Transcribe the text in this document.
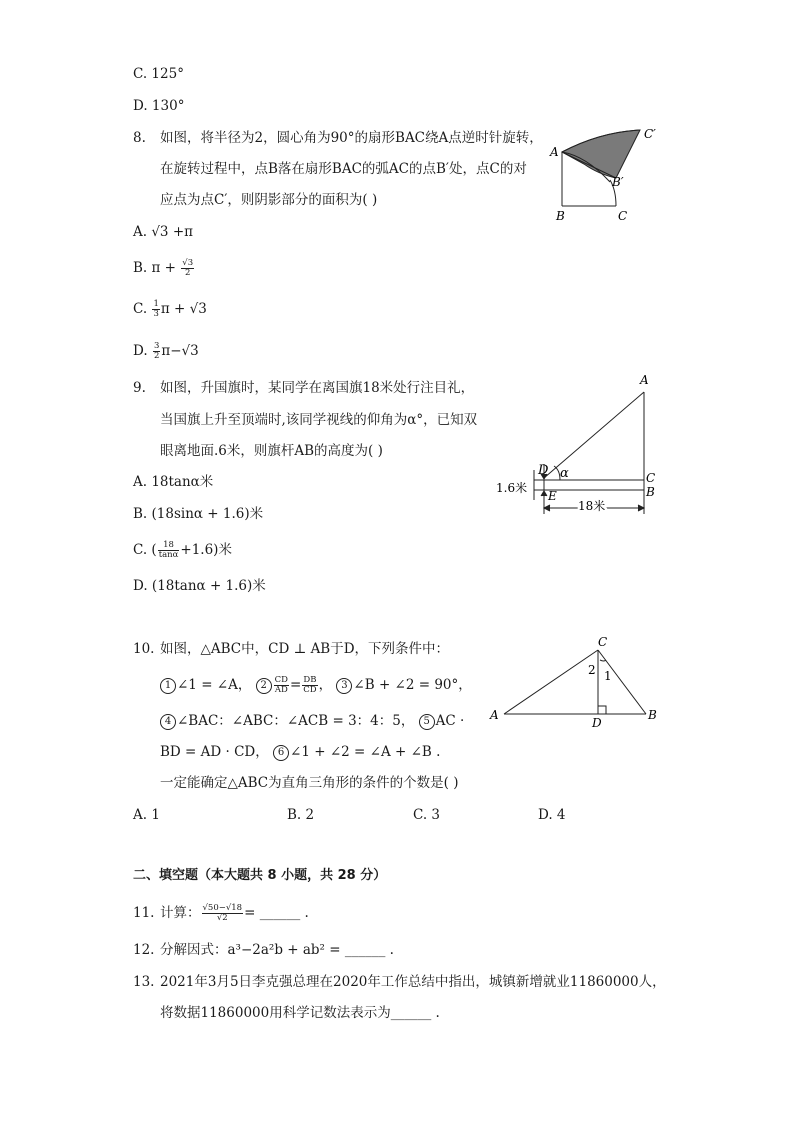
C. 125°
D. 130°
8. 如图，将半径为2，圆心角为90°的扇形BAC绕A点逆时针旋转，
在旋转过程中，点B落在扇形BAC的弧AC的点B′处，点C的对
应点为点C′，则阴影部分的面积为( )
A. √3 +π
B. $\pi + \frac{√3}{2}$
C. $\frac{1}{3}$ π + √3
D. $\frac{3}{2} \pi-√3$
A
B	C
B′
C′
9. 如图，升国旗时，某同学在离国旗18米处行注目礼，
当国旗上升至顶端时,该同学视线的仰角为α°，已知双
眼离地面.6米，则旗杆AB的高度为( )
A. 18tanα米
B. (18sinα + 1.6)米
C. ( $\frac{18}{\tan\alpha} +1.6$)米
D. (18tanα + 1.6)米
A
C
B
D α
E
1.6米
18米
10. 如图，△ABC中，CD ⊥ AB于D，下列条件中：
1 ∠1 = ∠A， $2 \frac{CD}{AD} = \frac{DB}{CD}$ ， 3 ∠B + ∠2 = 90°，
4 ∠BAC：∠ABC：∠ACB = 3：4：5， 5 AC ·
BD = AD · CD， 6 ∠1 + ∠2 = ∠A + ∠B .
一定能确定△ABC为直角三角形的条件的个数是( )
A. 1	B. 2	C. 3	D. 4
C
A	B
D
2 1
二、填空题（本大题共 8 小题，共 28 分）
11. 计算： $\frac{√50-√18}{√2}$ = ______ .
12. 分解因式：a³−2a²b + ab² = ______ .
13. 2021年3月5日李克强总理在2020年工作总结中指出，城镇新增就业11860000人，
将数据11860000用科学记数法表示为______ .
